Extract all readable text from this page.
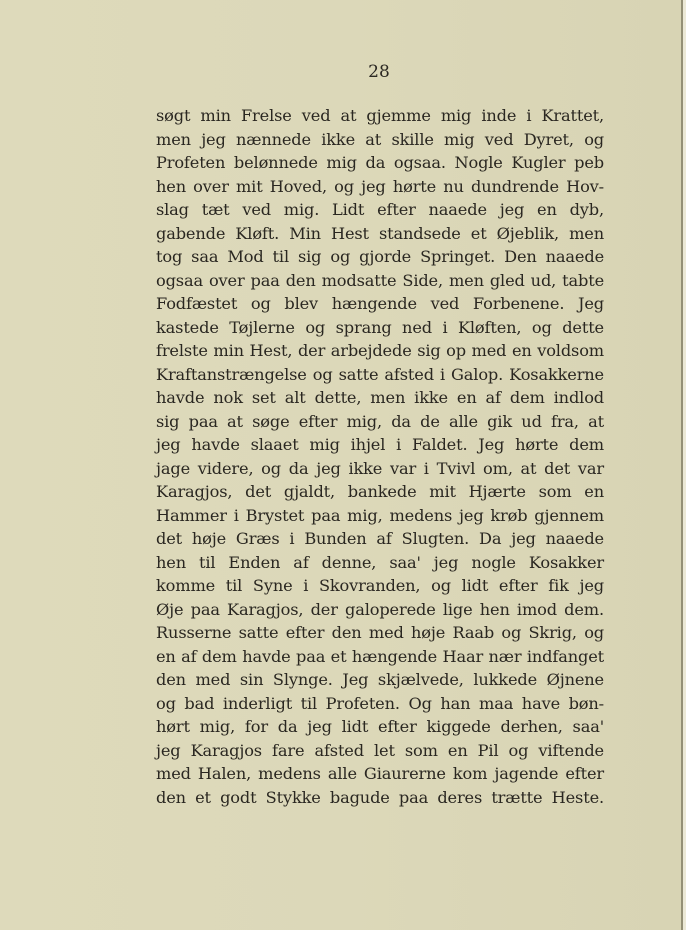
28
søgt min Frelse ved at gjemme mig inde i Krattet,
men jeg nænnede ikke at skille mig ved Dyret, og
Profeten belønnede mig da ogsaa. Nogle Kugler peb
hen over mit Hoved, og jeg hørte nu dundrende Hov-
slag tæt ved mig. Lidt efter naaede jeg en dyb,
gabende Kløft. Min Hest standsede et Øjeblik, men
tog saa Mod til sig og gjorde Springet. Den naaede
ogsaa over paa den modsatte Side, men gled ud, tabte
Fodfæstet og blev hængende ved Forbenene. Jeg
kastede Tøjlerne og sprang ned i Kløften, og dette
frelste min Hest, der arbejdede sig op med en voldsom
Kraftanstrængelse og satte afsted i Galop. Kosakkerne
havde nok set alt dette, men ikke en af dem indlod
sig paa at søge efter mig, da de alle gik ud fra, at
jeg havde slaaet mig ihjel i Faldet. Jeg hørte dem
jage videre, og da jeg ikke var i Tvivl om, at det var
Karagjos, det gjaldt, bankede mit Hjærte som en
Hammer i Brystet paa mig, medens jeg krøb gjennem
det høje Græs i Bunden af Slugten. Da jeg naaede
hen til Enden af denne, saa' jeg nogle Kosakker
komme til Syne i Skovranden, og lidt efter fik jeg
Øje paa Karagjos, der galoperede lige hen imod dem.
Russerne satte efter den med høje Raab og Skrig, og
en af dem havde paa et hængende Haar nær indfanget
den med sin Slynge. Jeg skjælvede, lukkede Øjnene
og bad inderligt til Profeten. Og han maa have bøn-
hørt mig, for da jeg lidt efter kiggede derhen, saa'
jeg Karagjos fare afsted let som en Pil og viftende
med Halen, medens alle Giaurerne kom jagende efter
den et godt Stykke bagude paa deres trætte Heste.
